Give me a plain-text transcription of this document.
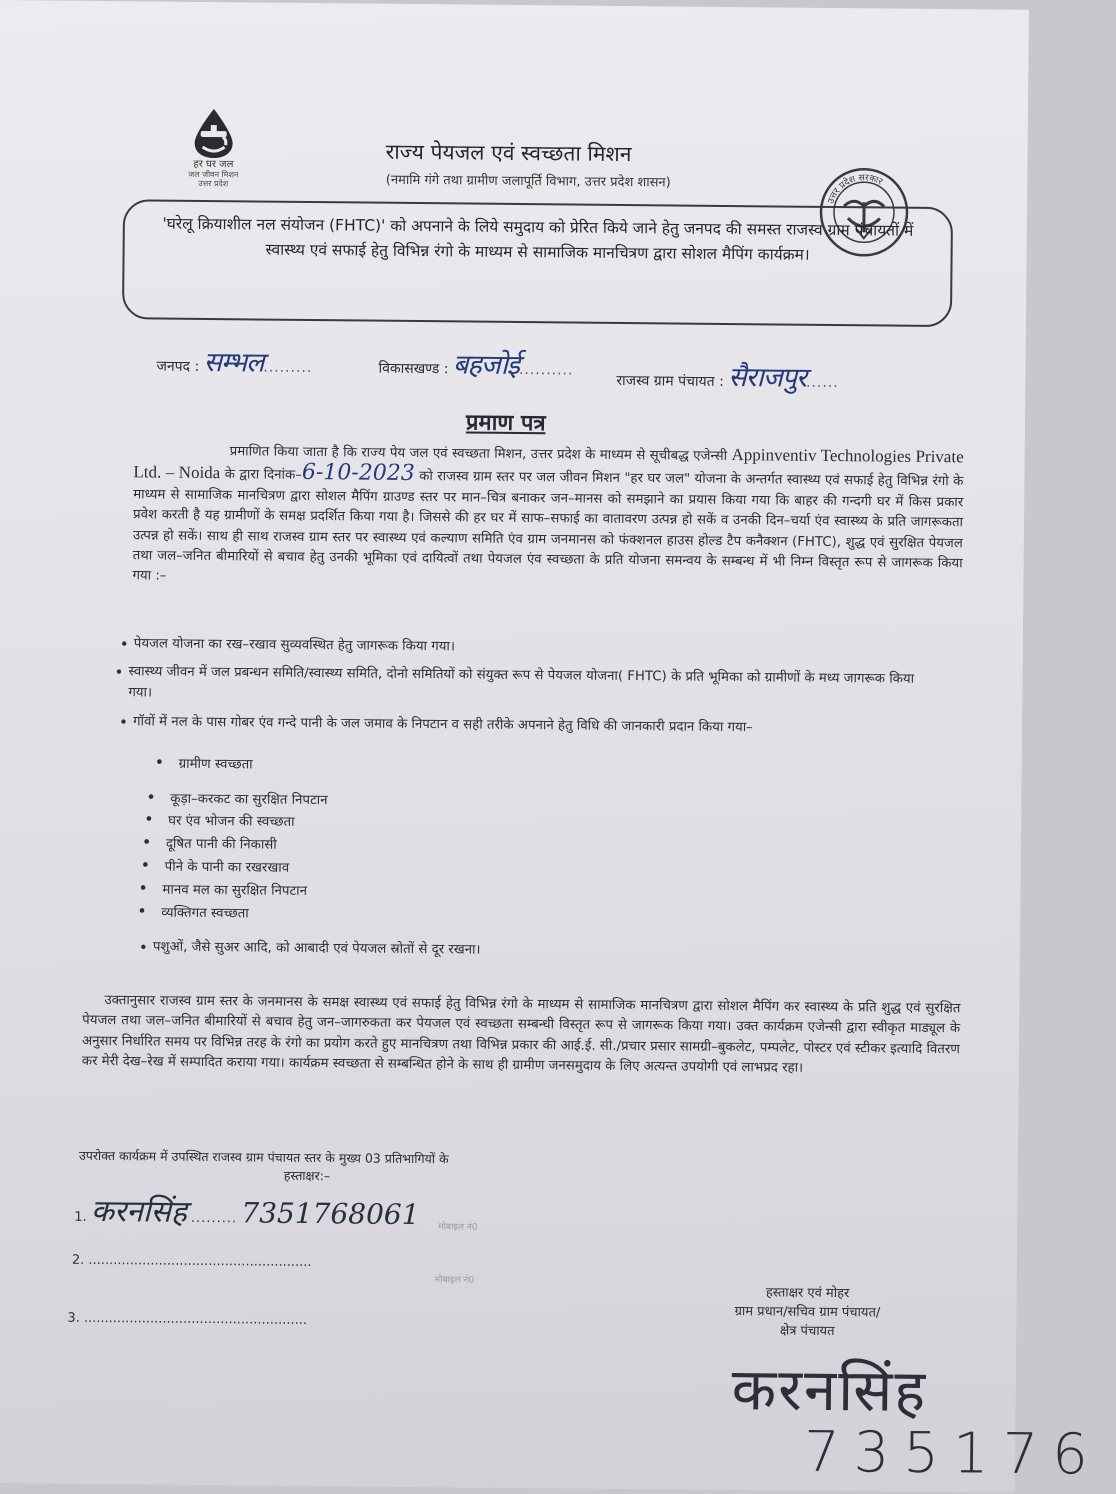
हर घर जल
जल जीवन मिशन
उत्तर प्रदेश
राज्य पेयजल एवं स्वच्छता मिशन
(नमामि गंगे तथा ग्रामीण जलापूर्ति विभाग, उत्तर प्रदेश शासन)
उत्तर प्रदेश सरकार
'घरेलू क्रियाशील नल संयोजन (FHTC)' को अपनाने के लिये समुदाय को प्रेरित किये जाने हेतु जनपद की समस्त राजस्व ग्राम पंचायतों में स्वास्थ्य एवं सफाई हेतु विभिन्न रंगो के माध्यम से सामाजिक मानचित्रण द्वारा सोशल मैपिंग कार्यक्रम।
जनपद : सम्भल.........	विकासखण्ड : बहजोई..........
राजस्व ग्राम पंचायत : सैराजपुर......
प्रमाण पत्र
प्रमाणित किया जाता है कि राज्य पेय जल एवं स्वच्छता मिशन, उत्तर प्रदेश के माध्यम से सूचीबद्ध एजेन्सी Appinventiv Technologies Private Ltd. – Noida के द्वारा दिनांक–6-10-2023 को राजस्व ग्राम स्तर पर जल जीवन मिशन "हर घर जल" योजना के अन्तर्गत स्वास्थ्य एवं सफाई हेतु विभिन्न रंगो के माध्यम से सामाजिक मानचित्रण द्वारा सोशल मैपिंग ग्राउण्ड स्तर पर मान–चित्र बनाकर जन–मानस को समझाने का प्रयास किया गया कि बाहर की गन्दगी घर में किस प्रकार प्रवेश करती है यह ग्रामीणों के समक्ष प्रदर्शित किया गया है। जिससे की हर घर में साफ–सफाई का वातावरण उत्पन्न हो सकें व उनकी दिन–चर्या एंव स्वास्थ्य के प्रति जागरूकता उत्पन्न हो सकें। साथ ही साथ राजस्व ग्राम स्तर पर स्वास्थ्य एवं कल्याण समिति एंव ग्राम जनमानस को फंक्शनल हाउस होल्ड टैप कनैक्शन (FHTC), शुद्ध एवं सुरक्षित पेयजल तथा जल–जनित बीमारियों से बचाव हेतु उनकी भूमिका एवं दायित्वों तथा पेयजल एंव स्वच्छता के प्रति योजना समन्वय के सम्बन्ध में भी निम्न विस्तृत रूप से जागरूक किया गया :–
• पेयजल योजना का रख–रखाव सुव्यवस्थित हेतु जागरूक किया गया।
• स्वास्थ्य जीवन में जल प्रबन्धन समिति/स्वास्थ्य समिति, दोनो समितियों को संयुक्त रूप से पेयजल योजना( FHTC) के प्रति भूमिका को ग्रामीणों के मध्य जागरूक किया गया।
• गॉवों में नल के पास गोबर एंव गन्दे पानी के जल जमाव के निपटान व सही तरीके अपनाने हेतु विधि की जानकारी प्रदान किया गया–
• ग्रामीण स्वच्छता
• कूड़ा–करकट का सुरक्षित निपटान
• घर एंव भोजन की स्वच्छता
• दूषित पानी की निकासी
• पीने के पानी का रखरखाव
• मानव मल का सुरक्षित निपटान
• व्यक्तिगत स्वच्छता
• पशुओं, जैसे सुअर आदि, को आबादी एवं पेयजल स्रोतों से दूर रखना।
उक्तानुसार राजस्व ग्राम स्तर के जनमानस के समक्ष स्वास्थ्य एवं सफाई हेतु विभिन्न रंगो के माध्यम से सामाजिक मानचित्रण द्वारा सोशल मैपिंग कर स्वास्थ्य के प्रति शुद्ध एवं सुरक्षित पेयजल तथा जल–जनित बीमारियों से बचाव हेतु जन–जागरुकता कर पेयजल एवं स्वच्छता सम्बन्धी विस्तृत रूप से जागरूक किया गया। उक्त कार्यक्रम एजेन्सी द्वारा स्वीकृत माड्यूल के अनुसार निर्धारित समय पर विभिन्न तरह के रंगो का प्रयोग करते हुए मानचित्रण तथा विभिन्न प्रकार की आई.ई. सी./प्रचार प्रसार सामग्री–बुकलेट, पम्पलेट, पोस्टर एवं स्टीकर इत्यादि वितरण कर मेरी देख–रेख में सम्पादित कराया गया। कार्यक्रम स्वच्छता से सम्बन्धित होने के साथ ही ग्रामीण जनसमुदाय के लिए अत्यन्त उपयोगी एवं लाभप्रद रहा।
उपरोक्त कार्यक्रम में उपस्थित राजस्व ग्राम पंचायत स्तर के मुख्य 03 प्रतिभागियों के
हस्ताक्षर:–
1. करनसिंह ......... 7351768061 मोबाइल नं0
2. ......................................................
मोबाइल नं0
3. ......................................................
हस्ताक्षर एवं मोहर
ग्राम प्रधान/सचिव ग्राम पंचायत/
क्षेत्र पंचायत
करनसिंह
735176
